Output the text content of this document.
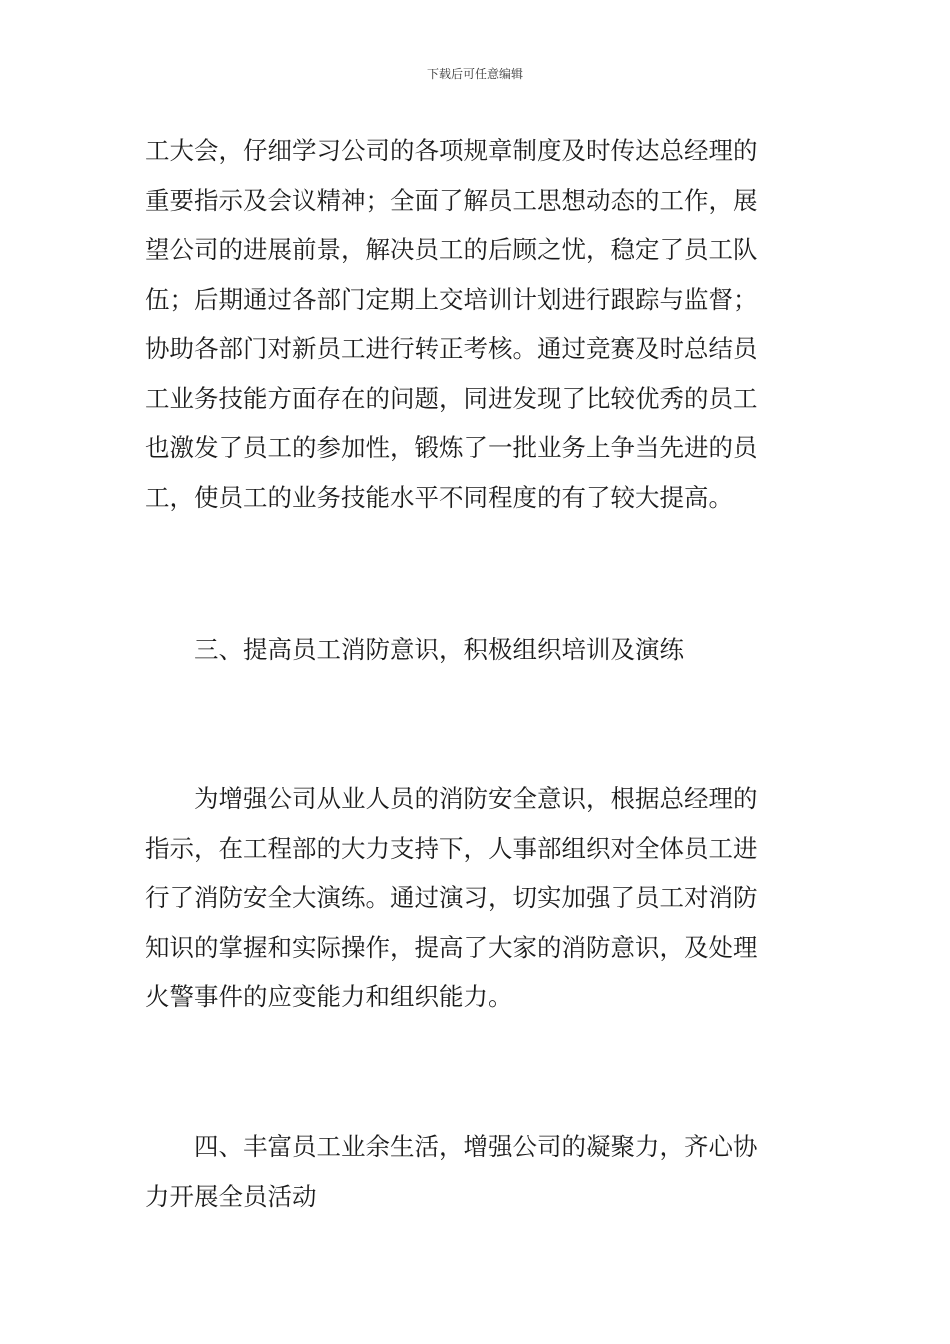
下载后可任意编辑
工大会，仔细学习公司的各项规章制度及时传达总经理的
重要指示及会议精神；全面了解员工思想动态的工作，展
望公司的进展前景，解决员工的后顾之忧，稳定了员工队
伍；后期通过各部门定期上交培训计划进行跟踪与监督；
协助各部门对新员工进行转正考核。通过竞赛及时总结员
工业务技能方面存在的问题，同进发现了比较优秀的员工
也激发了员工的参加性，锻炼了一批业务上争当先进的员
工，使员工的业务技能水平不同程度的有了较大提高。
　　三、提高员工消防意识，积极组织培训及演练
　　为增强公司从业人员的消防安全意识，根据总经理的
指示，在工程部的大力支持下，人事部组织对全体员工进
行了消防安全大演练。通过演习，切实加强了员工对消防
知识的掌握和实际操作，提高了大家的消防意识，及处理
火警事件的应变能力和组织能力。
　　四、丰富员工业余生活，增强公司的凝聚力，齐心协
力开展全员活动
